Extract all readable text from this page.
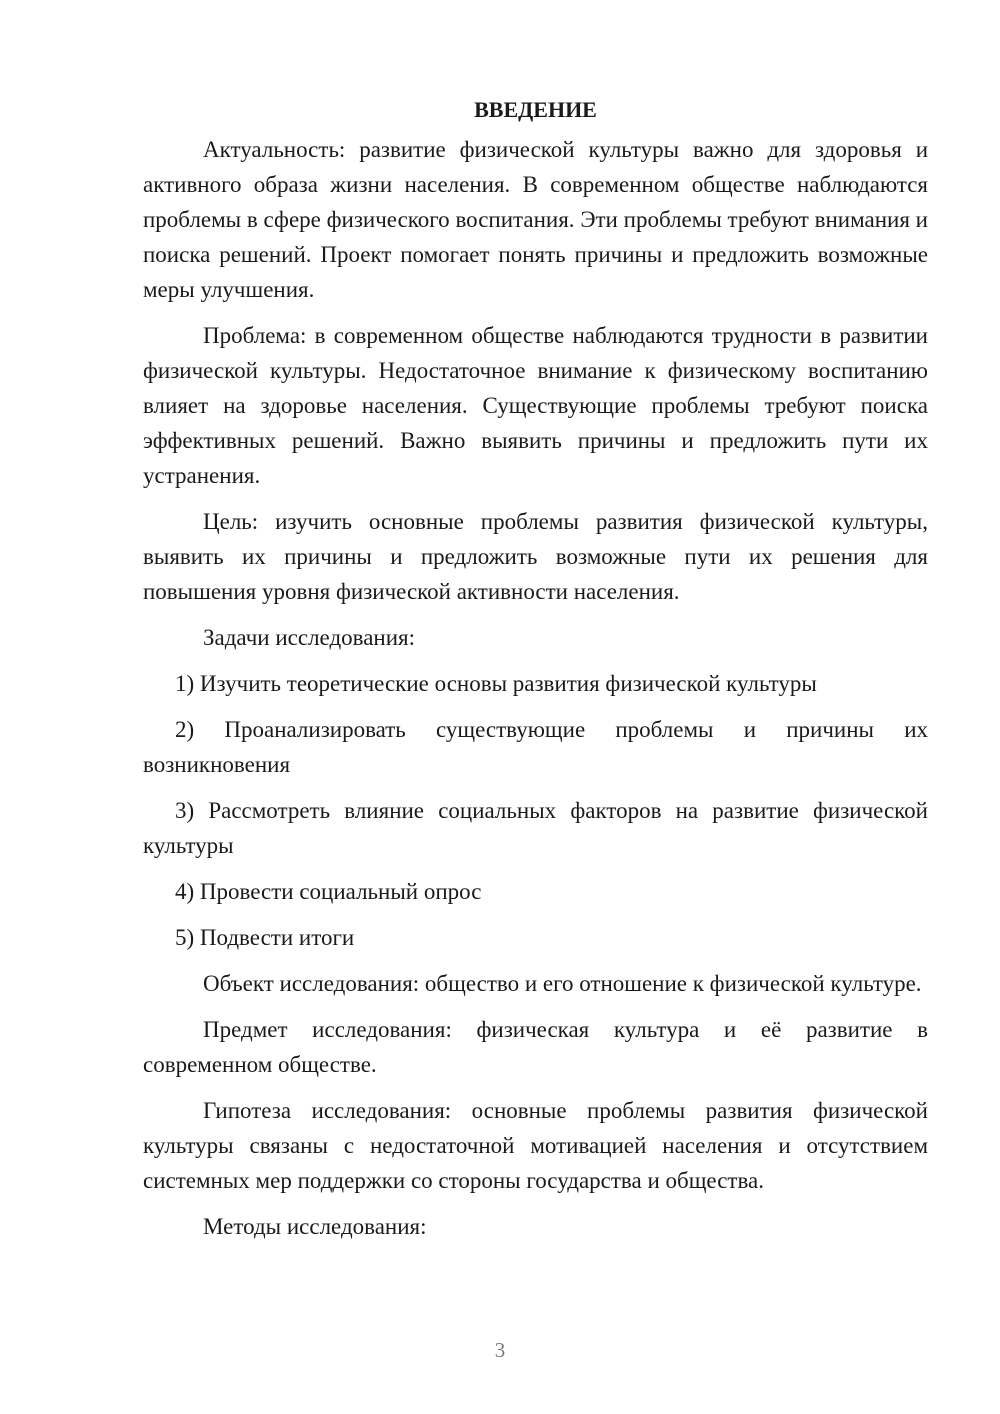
ВВЕДЕНИЕ

Актуальность: развитие физической культуры важно для здоровья и активного образа жизни населения. В современном обществе наблюдаются проблемы в сфере физического воспитания. Эти проблемы требуют внимания и поиска решений. Проект помогает понять причины и предложить возможные меры улучшения.

Проблема: в современном обществе наблюдаются трудности в развитии физической культуры. Недостаточное внимание к физическому воспитанию влияет на здоровье населения. Существующие проблемы требуют поиска эффективных решений. Важно выявить причины и предложить пути их устранения.

Цель: изучить основные проблемы развития физической культуры, выявить их причины и предложить возможные пути их решения для повышения уровня физической активности населения.

Задачи исследования:

1) Изучить теоретические основы развития физической культуры

2) Проанализировать существующие проблемы и причины их возникновения

3) Рассмотреть влияние социальных факторов на развитие физической культуры

4) Провести социальный опрос

5) Подвести итоги

Объект исследования: общество и его отношение к физической культуре.

Предмет исследования: физическая культура и её развитие в современном обществе.

Гипотеза исследования: основные проблемы развития физической культуры связаны с недостаточной мотивацией населения и отсутствием системных мер поддержки со стороны государства и общества.

Методы исследования:

3
